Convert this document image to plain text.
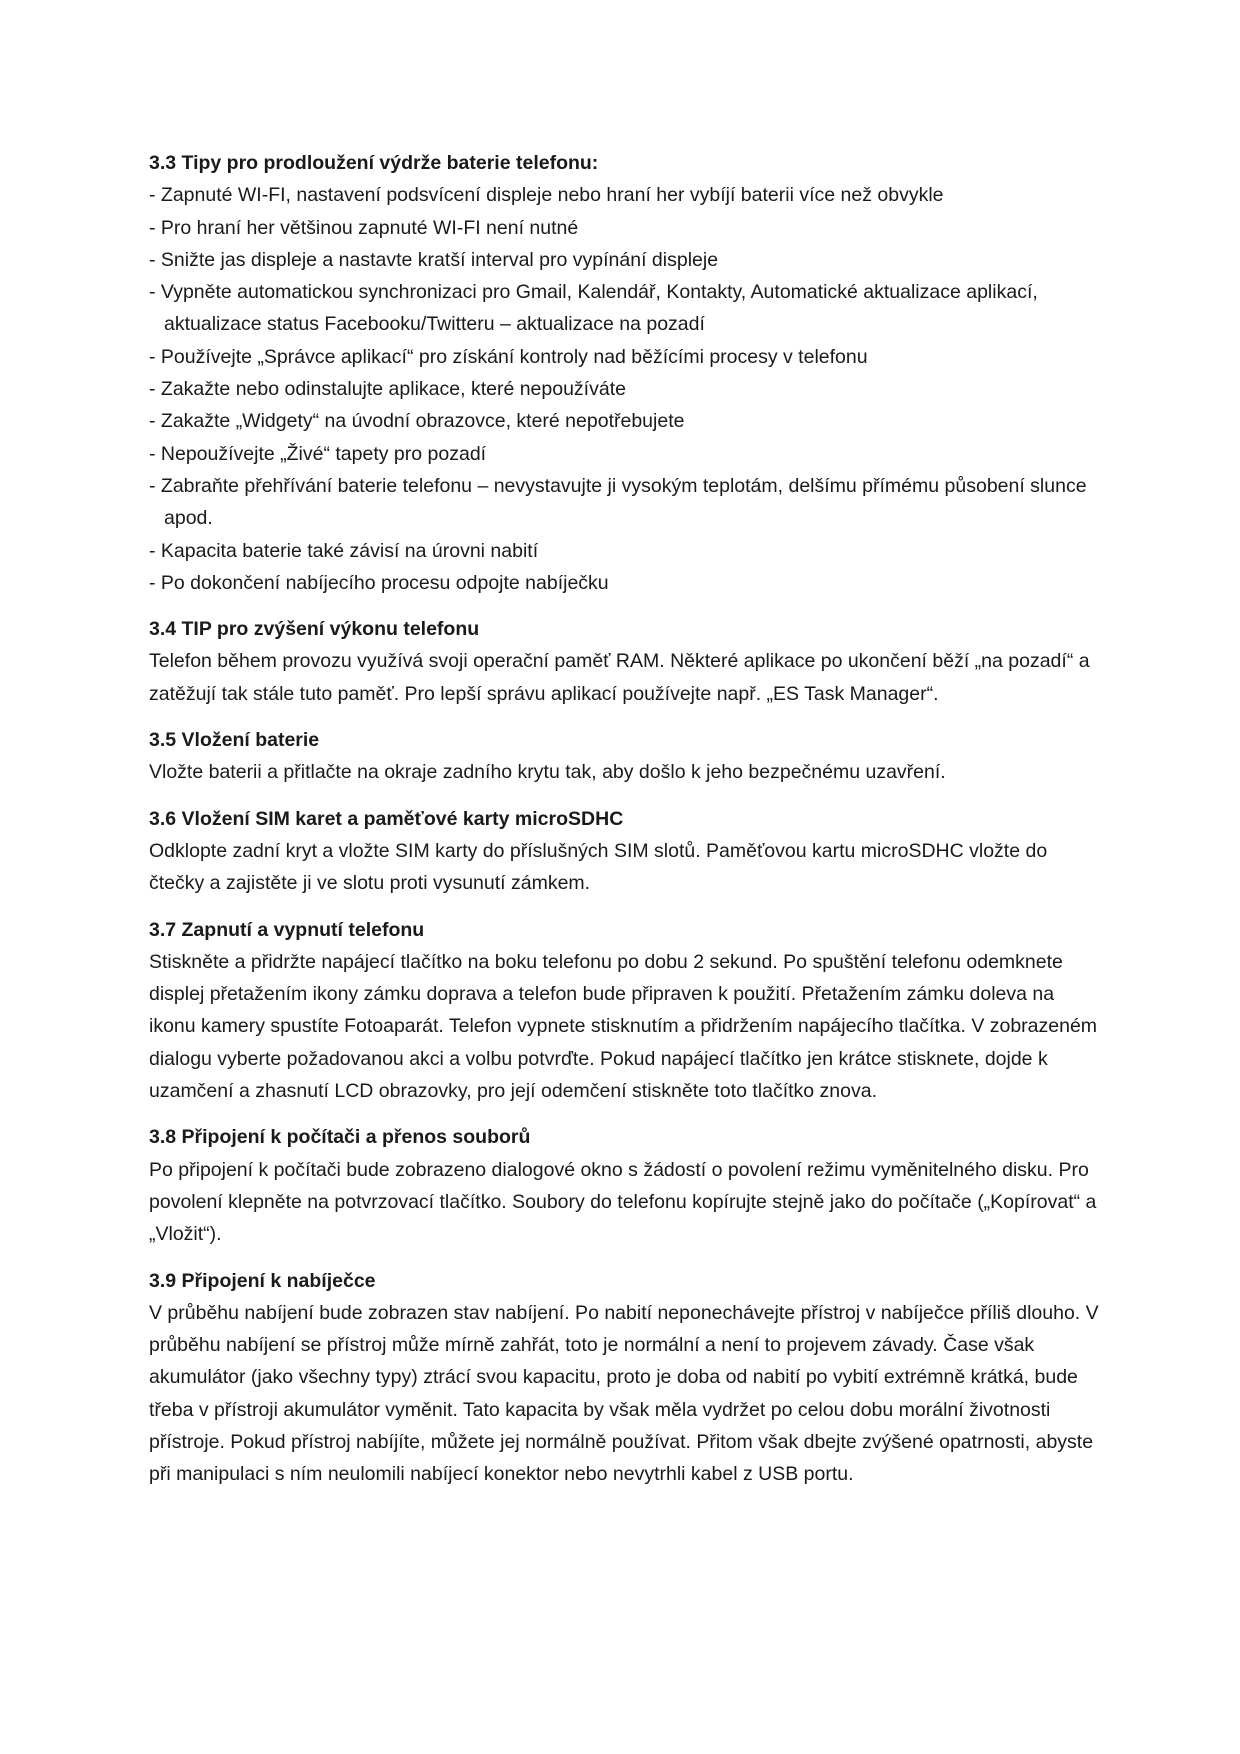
3.3 Tipy pro prodloužení výdrže baterie telefonu:

- Zapnuté WI-FI, nastavení podsvícení displeje nebo hraní her vybíjí baterii více než obvykle
- Pro hraní her většinou zapnuté WI-FI není nutné
- Snižte jas displeje a nastavte kratší interval pro vypínání displeje
- Vypněte automatickou synchronizaci pro Gmail, Kalendář, Kontakty, Automatické aktualizace aplikací, aktualizace status Facebooku/Twitteru – aktualizace na pozadí
- Používejte „Správce aplikací“ pro získání kontroly nad běžícími procesy v telefonu
- Zakažte nebo odinstalujte aplikace, které nepoužíváte
- Zakažte „Widgety“ na úvodní obrazovce, které nepotřebujete
- Nepoužívejte „Živé“ tapety pro pozadí
- Zabraňte přehřívání baterie telefonu – nevystavujte ji vysokým teplotám, delšímu přímému působení slunce apod.
- Kapacita baterie také závisí na úrovni nabití
- Po dokončení nabíjecího procesu odpojte nabíječku

3.4 TIP pro zvýšení výkonu telefonu

Telefon během provozu využívá svoji operační paměť RAM. Některé aplikace po ukončení běží „na pozadí“ a zatěžují tak stále tuto paměť. Pro lepší správu aplikací používejte např. „ES Task Manager“.

3.5 Vložení baterie

Vložte baterii a přitlačte na okraje zadního krytu tak, aby došlo k jeho bezpečnému uzavření.

3.6 Vložení SIM karet a paměťové karty microSDHC

Odklopte zadní kryt a vložte SIM karty do příslušných SIM slotů. Paměťovou kartu microSDHC vložte do čtečky a zajistěte ji ve slotu proti vysunutí zámkem.

3.7 Zapnutí a vypnutí telefonu

Stiskněte a přidržte napájecí tlačítko na boku telefonu po dobu 2 sekund. Po spuštění telefonu odemknete displej přetažením ikony zámku doprava a telefon bude připraven k použití. Přetažením zámku doleva na ikonu kamery spustíte Fotoaparát. Telefon vypnete stisknutím a přidržením napájecího tlačítka. V zobrazeném dialogu vyberte požadovanou akci a volbu potvrďte. Pokud napájecí tlačítko jen krátce stisknete, dojde k uzamčení a zhasnutí LCD obrazovky, pro její odemčení stiskněte toto tlačítko znova.

3.8 Připojení k počítači a přenos souborů

Po připojení k počítači bude zobrazeno dialogové okno s žádostí o povolení režimu vyměnitelného disku. Pro povolení klepněte na potvrzovací tlačítko. Soubory do telefonu kopírujte stejně jako do počítače („Kopírovat“ a „Vložit“).

3.9 Připojení k nabíječce

V průběhu nabíjení bude zobrazen stav nabíjení. Po nabití neponechávejte přístroj v nabíječce příliš dlouho. V průběhu nabíjení se přístroj může mírně zahřát, toto je normální a není to projevem závady. Čase však akumulátor (jako všechny typy) ztrácí svou kapacitu, proto je doba od nabití po vybití extrémně krátká, bude třeba v přístroji akumulátor vyměnit. Tato kapacita by však měla vydržet po celou dobu morální životnosti přístroje. Pokud přístroj nabíjíte, můžete jej normálně používat. Přitom však dbejte zvýšené opatrnosti, abyste při manipulaci s ním neulomili nabíjecí konektor nebo nevytrhli kabel z USB portu.
